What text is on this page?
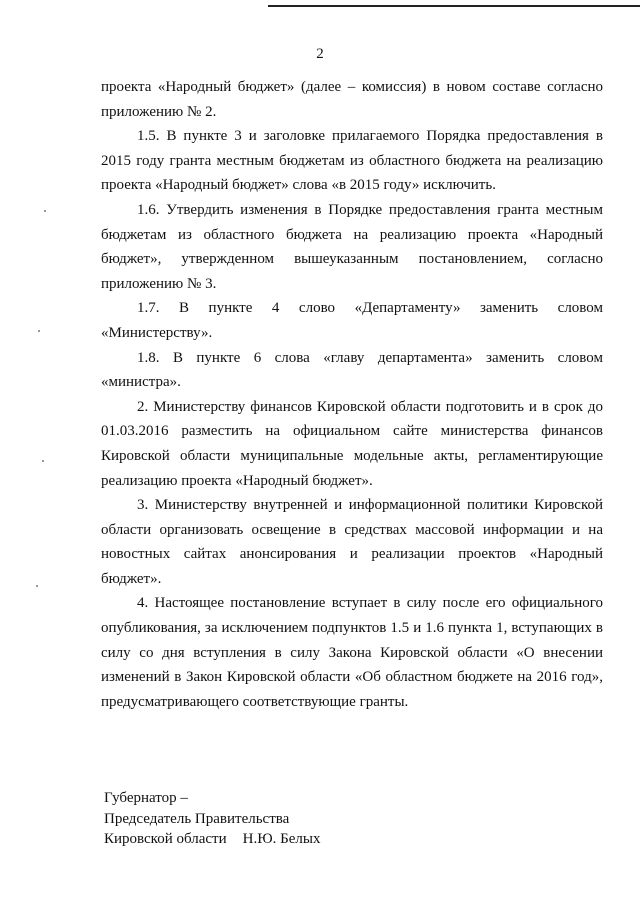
2

проекта «Народный бюджет» (далее – комиссия) в новом составе согласно приложению № 2.

1.5. В пункте 3 и заголовке прилагаемого Порядка предоставления в 2015 году гранта местным бюджетам из областного бюджета на реализацию проекта «Народный бюджет» слова «в 2015 году» исключить.

1.6. Утвердить изменения в Порядке предоставления гранта местным бюджетам из областного бюджета на реализацию проекта «Народный бюджет», утвержденном вышеуказанным постановлением, согласно приложению № 3.

1.7. В пункте 4 слово «Департаменту» заменить словом «Министерству».

1.8. В пункте 6 слова «главу департамента» заменить словом «министра».

2. Министерству финансов Кировской области подготовить и в срок до 01.03.2016 разместить на официальном сайте министерства финансов Кировской области муниципальные модельные акты, регламентирующие реализацию проекта «Народный бюджет».

3. Министерству внутренней и информационной политики Кировской области организовать освещение в средствах массовой информации и на новостных сайтах анонсирования и реализации проектов «Народный бюджет».

4. Настоящее постановление вступает в силу после его официального опубликования, за исключением подпунктов 1.5 и 1.6 пункта 1, вступающих в силу со дня вступления в силу Закона Кировской области «О внесении изменений в Закон Кировской области «Об областном бюджете на 2016 год», предусматривающего соответствующие гранты.

Губернатор –
Председатель Правительства
Кировской области Н.Ю. Белых
